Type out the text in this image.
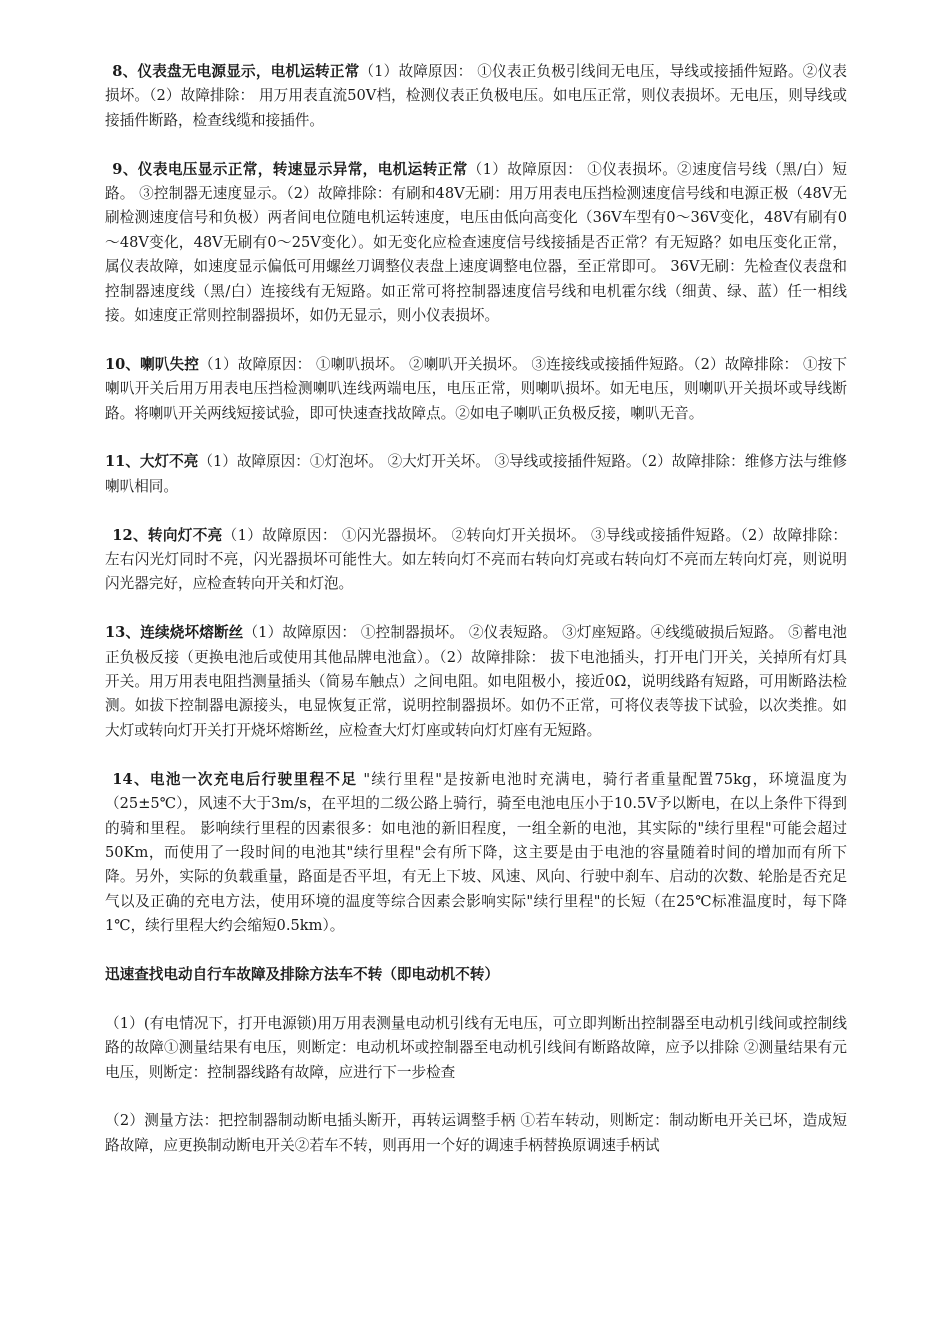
8、仪表盘无电源显示，电机运转正常（1）故障原因： ①仪表正负极引线间无电压，导线或接插件短路。②仪表损坏。（2）故障排除： 用万用表直流50V档，检测仪表正负极电压。如电压正常，则仪表损坏。无电压，则导线或接插件断路，检查线缆和接插件。

9、仪表电压显示正常，转速显示异常，电机运转正常（1）故障原因： ①仪表损坏。②速度信号线（黑/白）短路。 ③控制器无速度显示。（2）故障排除：有刷和48V无刷：用万用表电压挡检测速度信号线和电源正极（48V无刷检测速度信号和负极）两者间电位随电机运转速度，电压由低向高变化（36V车型有0～36V变化，48V有刷有0～48V变化，48V无刷有0～25V变化）。如无变化应检查速度信号线接插是否正常？有无短路？如电压变化正常，属仪表故障，如速度显示偏低可用螺丝刀调整仪表盘上速度调整电位器，至正常即可。 36V无刷：先检查仪表盘和控制器速度线（黑/白）连接线有无短路。如正常可将控制器速度信号线和电机霍尔线（细黄、绿、蓝）任一相线接。如速度正常则控制器损坏，如仍无显示，则小仪表损坏。

10、喇叭失控（1）故障原因： ①喇叭损坏。 ②喇叭开关损坏。 ③连接线或接插件短路。（2）故障排除： ①按下喇叭开关后用万用表电压挡检测喇叭连线两端电压，电压正常，则喇叭损坏。如无电压，则喇叭开关损坏或导线断路。将喇叭开关两线短接试验，即可快速查找故障点。②如电子喇叭正负极反接，喇叭无音。

11、大灯不亮（1）故障原因：①灯泡坏。 ②大灯开关坏。 ③导线或接插件短路。（2）故障排除：维修方法与维修喇叭相同。

12、转向灯不亮（1）故障原因： ①闪光器损坏。 ②转向灯开关损坏。 ③导线或接插件短路。（2）故障排除： 左右闪光灯同时不亮，闪光器损坏可能性大。如左转向灯不亮而右转向灯亮或右转向灯不亮而左转向灯亮，则说明闪光器完好，应检查转向开关和灯泡。

13、连续烧坏熔断丝（1）故障原因： ①控制器损坏。 ②仪表短路。 ③灯座短路。④线缆破损后短路。 ⑤蓄电池正负极反接（更换电池后或使用其他品牌电池盒）。（2）故障排除： 拔下电池插头，打开电门开关，关掉所有灯具开关。用万用表电阻挡测量插头（简易车触点）之间电阻。如电阻极小，接近0Ω，说明线路有短路，可用断路法检测。如拔下控制器电源接头，电显恢复正常，说明控制器损坏。如仍不正常，可将仪表等拔下试验，以次类推。如大灯或转向灯开关打开烧坏熔断丝，应检查大灯灯座或转向灯灯座有无短路。

14、电池一次充电后行驶里程不足 "续行里程"是按新电池时充满电，骑行者重量配置75kg，环境温度为（25±5℃），风速不大于3m/s，在平坦的二级公路上骑行，骑至电池电压小于10.5V予以断电，在以上条件下得到的骑和里程。 影响续行里程的因素很多：如电池的新旧程度，一组全新的电池，其实际的"续行里程"可能会超过50Km，而使用了一段时间的电池其"续行里程"会有所下降，这主要是由于电池的容量随着时间的增加而有所下降。另外，实际的负载重量，路面是否平坦，有无上下坡、风速、风向、行驶中刹车、启动的次数、轮胎是否充足气以及正确的充电方法，使用环境的温度等综合因素会影响实际"续行里程"的长短（在25℃标准温度时，每下降1℃，续行里程大约会缩短0.5km）。

迅速查找电动自行车故障及排除方法车不转（即电动机不转）

（1）(有电情况下，打开电源锁)用万用表测量电动机引线有无电压，可立即判断出控制器至电动机引线间或控制线路的故障①测量结果有电压，则断定：电动机坏或控制器至电动机引线间有断路故障，应予以排除 ②测量结果有元电压，则断定：控制器线路有故障，应进行下一步检查

（2）测量方法：把控制器制动断电插头断开，再转运调整手柄 ①若车转动，则断定：制动断电开关已坏，造成短路故障，应更换制动断电开关②若车不转，则再用一个好的调速手柄替换原调速手柄试
